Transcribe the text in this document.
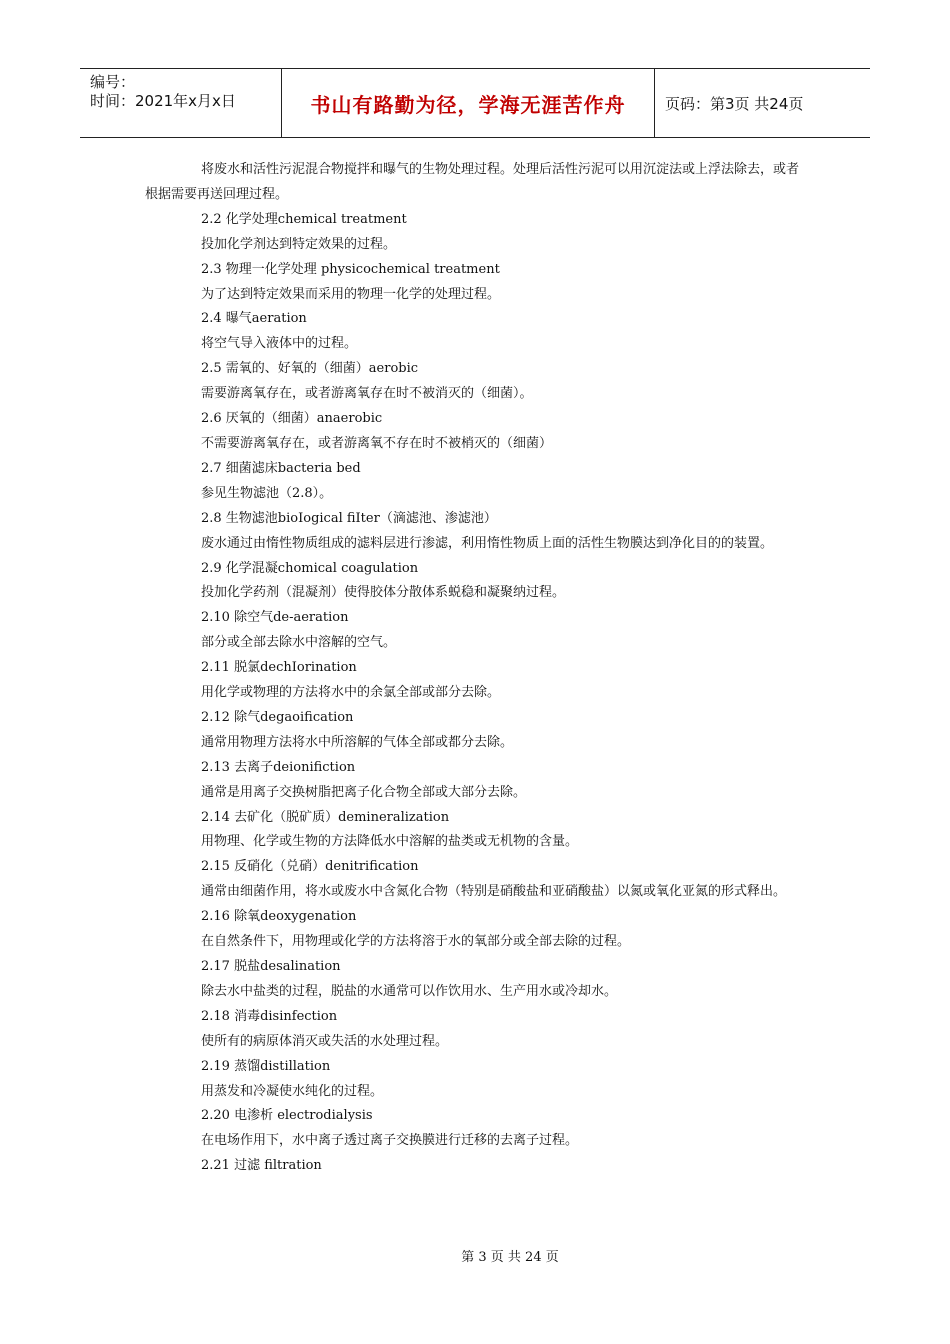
编号：
时间：2021年x月x日	书山有路勤为径，学海无涯苦作舟	页码：第3页 共24页

将废水和活性污泥混合物搅拌和曝气的生物处理过程。处理后活性污泥可以用沉淀法或上浮法除去，或者根据需要再送回理过程。

2.2 化学处理chemical treatment

投加化学剂达到特定效果的过程。

2.3 物理一化学处理 physicochemical treatment

为了达到特定效果而采用的物理一化学的处理过程。

2.4 曝气aeration

将空气导入液体中的过程。

2.5 需氧的、好氧的（细菌）aerobic

需要游离氧存在，或者游离氧存在时不被消灭的（细菌）。

2.6 厌氧的（细菌）anaerobic

不需要游离氧存在，或者游离氧不存在时不被梢灭的（细菌）

2.7 细菌滤床bacteria bed

参见生物滤池（2.8）。

2.8 生物滤池bioIogical fiIter（滴滤池、渗滤池）

废水通过由惰性物质组成的滤料层进行渗滤，利用惰性物质上面的活性生物膜达到净化目的的装置。

2.9 化学混凝chomical coagulation

投加化学药剂（混凝剂）使得胶体分散体系蜕稳和凝聚纳过程。

2.10 除空气de-aeration

部分或全部去除水中溶解的空气。

2.11 脱氯dechIorination

用化学或物理的方法将水中的余氯全部或部分去除。

2.12 除气degaoification

通常用物理方法将水中所溶解的气体全部或都分去除。

2.13 去离子deionifiction

通常是用离子交换树脂把离子化合物全部或大部分去除。

2.14 去矿化（脱矿质）demineralization

用物理、化学或生物的方法降低水中溶解的盐类或无机物的含量。

2.15 反硝化（兑硝）denitrification

通常由细菌作用，将水或废水中含氮化合物（特别是硝酸盐和亚硝酸盐）以氮或氧化亚氮的形式释出。

2.16 除氧deoxygenation

在自然条件下，用物理或化学的方法将溶于水的氧部分或全部去除的过程。

2.17 脱盐desalination

除去水中盐类的过程，脱盐的水通常可以作饮用水、生产用水或冷却水。

2.18 消毒disinfection

使所有的病原体消灭或失活的水处理过程。

2.19 蒸馏distillation

用蒸发和冷凝使水纯化的过程。

2.20 电渗析 electrodialysis

在电场作用下，水中离子透过离子交换膜进行迁移的去离子过程。

2.21 过滤 filtration

第 3 页 共 24 页
